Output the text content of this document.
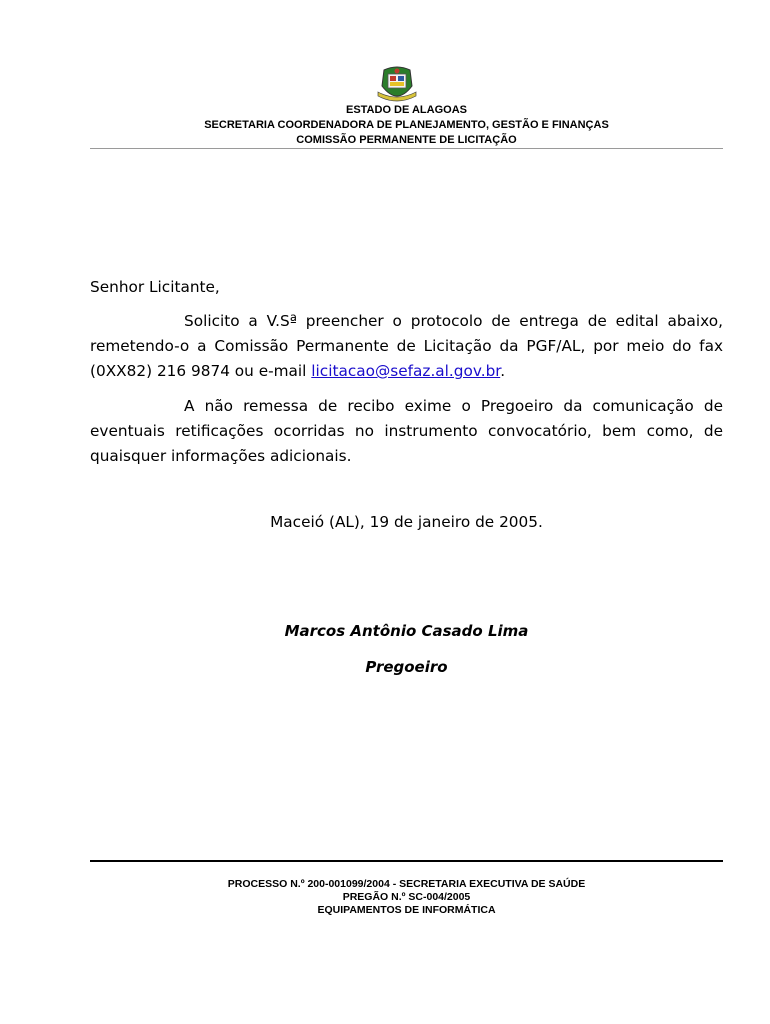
ESTADO DE ALAGOAS
SECRETARIA COORDENADORA DE PLANEJAMENTO, GESTÃO E FINANÇAS
COMISSÃO PERMANENTE DE LICITAÇÃO
Senhor Licitante,
Solicito a V.Sª preencher o protocolo de entrega de edital abaixo, remetendo-o a Comissão Permanente de Licitação da PGF/AL, por meio do fax (0XX82) 216 9874 ou e-mail licitacao@sefaz.al.gov.br.
A não remessa de recibo exime o Pregoeiro da comunicação de eventuais retificações ocorridas no instrumento convocatório, bem como, de quaisquer informações adicionais.
Maceió (AL), 19 de janeiro de 2005.
Marcos Antônio Casado Lima
Pregoeiro
PROCESSO N.º 200-001099/2004 - SECRETARIA EXECUTIVA DE SAÚDE
PREGÃO N.º SC-004/2005
EQUIPAMENTOS DE INFORMÁTICA
